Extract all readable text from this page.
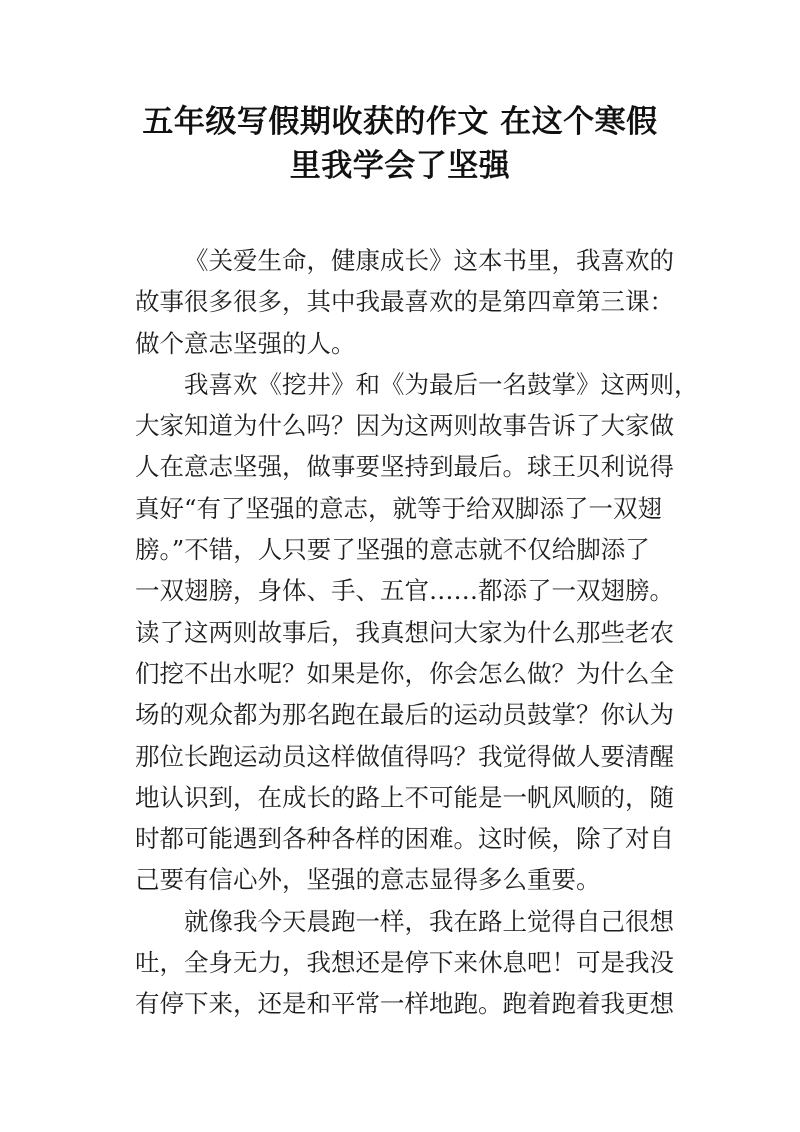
五年级写假期收获的作文 在这个寒假
里我学会了坚强
《关爱生命，健康成长》这本书里，我喜欢的
故事很多很多，其中我最喜欢的是第四章第三课：
做个意志坚强的人。
我喜欢《挖井》和《为最后一名鼓掌》这两则，
大家知道为什么吗？因为这两则故事告诉了大家做
人在意志坚强，做事要坚持到最后。球王贝利说得
真好“有了坚强的意志，就等于给双脚添了一双翅
膀。”不错，人只要了坚强的意志就不仅给脚添了
一双翅膀，身体、手、五官……都添了一双翅膀。
读了这两则故事后，我真想问大家为什么那些老农
们挖不出水呢？如果是你，你会怎么做？为什么全
场的观众都为那名跑在最后的运动员鼓掌？你认为
那位长跑运动员这样做值得吗？我觉得做人要清醒
地认识到，在成长的路上不可能是一帆风顺的，随
时都可能遇到各种各样的困难。这时候，除了对自
己要有信心外，坚强的意志显得多么重要。
就像我今天晨跑一样，我在路上觉得自己很想
吐，全身无力，我想还是停下来休息吧！可是我没
有停下来，还是和平常一样地跑。跑着跑着我更想
